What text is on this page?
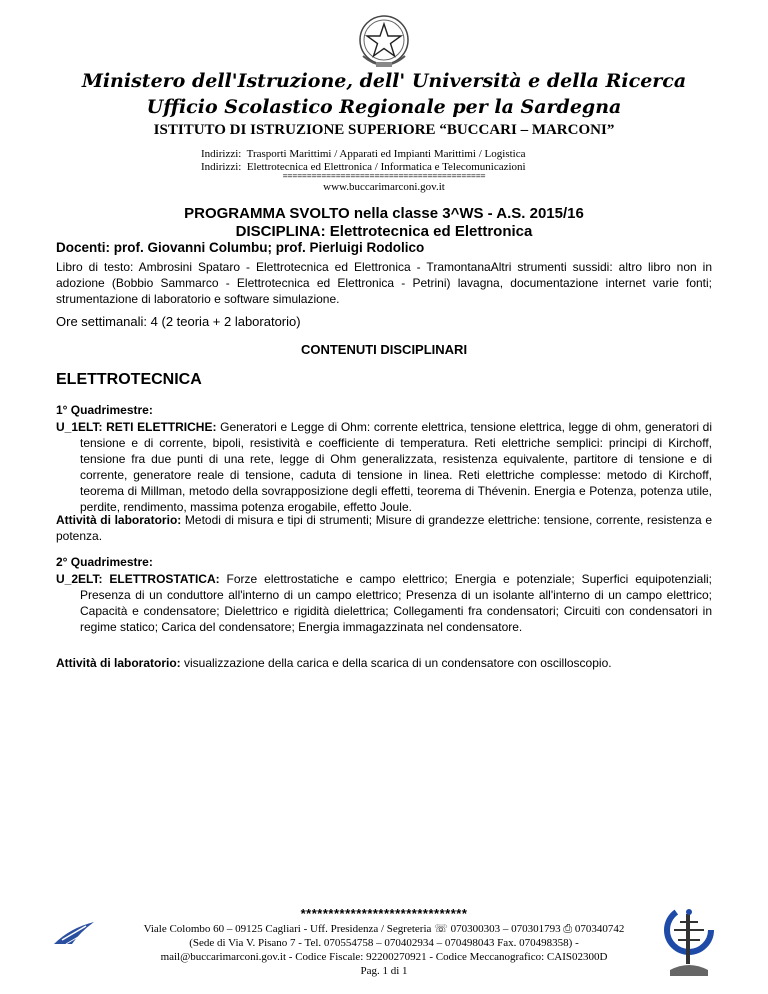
Ministero dell'Istruzione, dell' Università e della Ricerca
Ufficio Scolastico Regionale per la Sardegna
ISTITUTO DI ISTRUZIONE SUPERIORE “BUCCARI – MARCONI”
Indirizzi: Trasporti Marittimi / Apparati ed Impianti Marittimi / Logistica
Indirizzi: Elettrotecnica ed Elettronica / Informatica e Telecomunicazioni
==========================================
www.buccarimarconi.gov.it
PROGRAMMA SVOLTO nella classe 3^WS - A.S. 2015/16
DISCIPLINA: Elettrotecnica ed Elettronica
Docenti: prof. Giovanni Columbu; prof. Pierluigi Rodolico

Libro di testo: Ambrosini Spataro - Elettrotecnica ed Elettronica - TramontanaAltri strumenti sussidi: altro libro non in adozione (Bobbio Sammarco - Elettrotecnica ed Elettronica - Petrini) lavagna, documentazione internet varie fonti; strumentazione di laboratorio e software simulazione.

Ore settimanali: 4 (2 teoria + 2 laboratorio)
CONTENUTI DISCIPLINARI
ELETTROTECNICA
1° Quadrimestre:

U_1ELT: RETI ELETTRICHE: Generatori e Legge di Ohm: corrente elettrica, tensione elettrica, legge di ohm, generatori di tensione e di corrente, bipoli, resistività e coefficiente di temperatura. Reti elettriche semplici: principi di Kirchoff, tensione fra due punti di una rete, legge di Ohm generalizzata, resistenza equivalente, partitore di tensione e di corrente, generatore reale di tensione, caduta di tensione in linea. Reti elettriche complesse: metodo di Kirchoff, teorema di Millman, metodo della sovrapposizione degli effetti, teorema di Thévenin. Energia e Potenza, potenza utile, perdite, rendimento, massima potenza erogabile, effetto Joule.

Attività di laboratorio: Metodi di misura e tipi di strumenti; Misure di grandezze elettriche: tensione, corrente, resistenza e potenza.

2° Quadrimestre:

U_2ELT: ELETTROSTATICA: Forze elettrostatiche e campo elettrico; Energia e potenziale; Superfici equipotenziali; Presenza di un conduttore all'interno di un campo elettrico; Presenza di un isolante all'interno di un campo elettrico; Capacità e condensatore; Dielettrico e rigidità dielettrica; Collegamenti fra condensatori; Circuiti con condensatori in regime statico; Carica del condensatore; Energia immagazzinata nel condensatore.

Attività di laboratorio: visualizzazione della carica e della scarica di un condensatore con oscilloscopio.

******************************
Viale Colombo 60 – 09125 Cagliari - Uff. Presidenza / Segreteria ☏ 070300303 – 070301793 ⎙ 070340742
(Sede di Via V. Pisano 7 - Tel. 070554758 – 070402934 – 070498043 Fax. 070498358) -
mail@buccarimarconi.gov.it - Codice Fiscale: 92200270921 - Codice Meccanografico: CAIS02300D
Pag. 1 di 1
